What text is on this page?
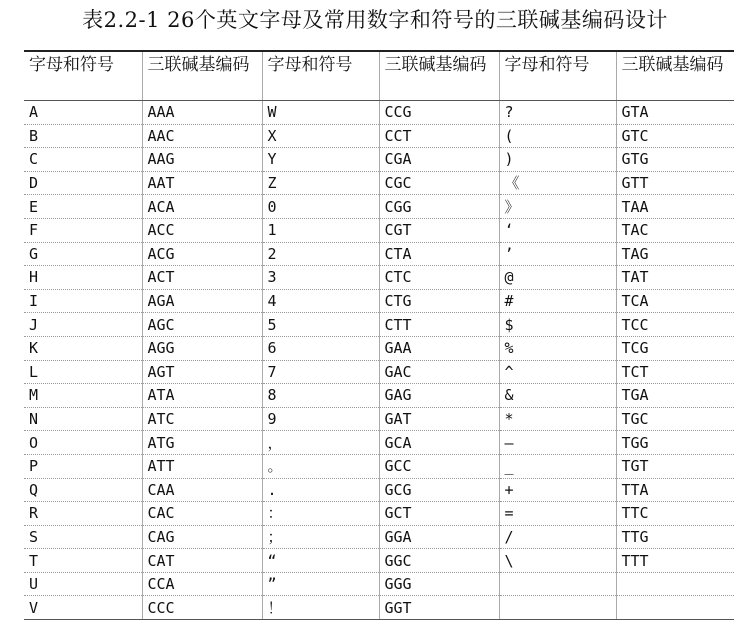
表2.2-1 26个英文字母及常用数字和符号的三联碱基编码设计
字母和符号	三联碱基编码	字母和符号	三联碱基编码	字母和符号	三联碱基编码
A	AAA	W	CCG	?	GTA
B	AAC	X	CCT	(	GTC
C	AAG	Y	CGA	)	GTG
D	AAT	Z	CGC	《	GTT
E	ACA	0	CGG	》	TAA
F	ACC	1	CGT	‘	TAC
G	ACG	2	CTA	’	TAG
H	ACT	3	CTC	@	TAT
I	AGA	4	CTG	#	TCA
J	AGC	5	CTT	$	TCC
K	AGG	6	GAA	%	TCG
L	AGT	7	GAC	^	TCT
M	ATA	8	GAG	&	TGA
N	ATC	9	GAT	*	TGC
O	ATG	，	GCA	–	TGG
P	ATT	。	GCC	_	TGT
Q	CAA	.	GCG	+	TTA
R	CAC	：	GCT	=	TTC
S	CAG	；	GGA	/	TTG
T	CAT	“	GGC	\	TTT
U	CCA	”	GGG		
V	CCC	！	GGT		
